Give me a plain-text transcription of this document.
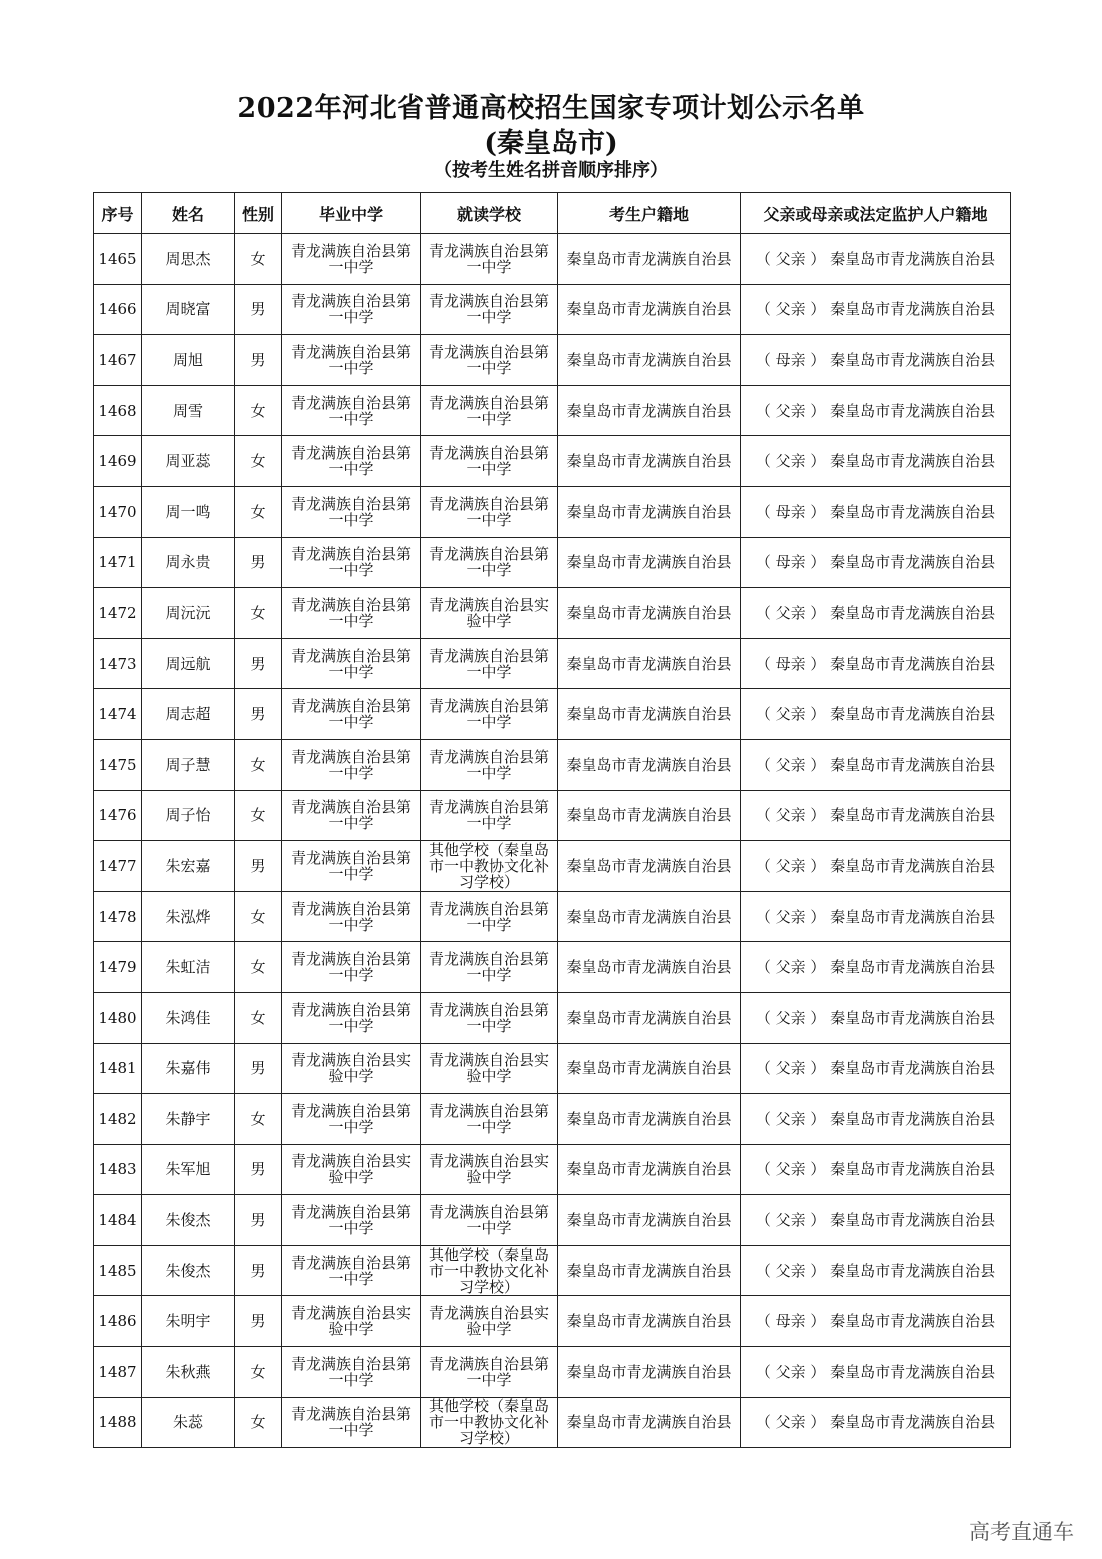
2022年河北省普通高校招生国家专项计划公示名单
(秦皇岛市)
（按考生姓名拼音顺序排序）
序号	姓名	性别	毕业中学	就读学校	考生户籍地	父亲或母亲或法定监护人户籍地
1465	周思杰	女	青龙满族自治县第一中学	青龙满族自治县第一中学	秦皇岛市青龙满族自治县	（ 父亲 ） 秦皇岛市青龙满族自治县
1466	周晓富	男	青龙满族自治县第一中学	青龙满族自治县第一中学	秦皇岛市青龙满族自治县	（ 父亲 ） 秦皇岛市青龙满族自治县
1467	周旭	男	青龙满族自治县第一中学	青龙满族自治县第一中学	秦皇岛市青龙满族自治县	（ 母亲 ） 秦皇岛市青龙满族自治县
1468	周雪	女	青龙满族自治县第一中学	青龙满族自治县第一中学	秦皇岛市青龙满族自治县	（ 父亲 ） 秦皇岛市青龙满族自治县
1469	周亚蕊	女	青龙满族自治县第一中学	青龙满族自治县第一中学	秦皇岛市青龙满族自治县	（ 父亲 ） 秦皇岛市青龙满族自治县
1470	周一鸣	女	青龙满族自治县第一中学	青龙满族自治县第一中学	秦皇岛市青龙满族自治县	（ 母亲 ） 秦皇岛市青龙满族自治县
1471	周永贵	男	青龙满族自治县第一中学	青龙满族自治县第一中学	秦皇岛市青龙满族自治县	（ 母亲 ） 秦皇岛市青龙满族自治县
1472	周沅沅	女	青龙满族自治县第一中学	青龙满族自治县实验中学	秦皇岛市青龙满族自治县	（ 父亲 ） 秦皇岛市青龙满族自治县
1473	周远航	男	青龙满族自治县第一中学	青龙满族自治县第一中学	秦皇岛市青龙满族自治县	（ 母亲 ） 秦皇岛市青龙满族自治县
1474	周志超	男	青龙满族自治县第一中学	青龙满族自治县第一中学	秦皇岛市青龙满族自治县	（ 父亲 ） 秦皇岛市青龙满族自治县
1475	周子慧	女	青龙满族自治县第一中学	青龙满族自治县第一中学	秦皇岛市青龙满族自治县	（ 父亲 ） 秦皇岛市青龙满族自治县
1476	周子怡	女	青龙满族自治县第一中学	青龙满族自治县第一中学	秦皇岛市青龙满族自治县	（ 父亲 ） 秦皇岛市青龙满族自治县
1477	朱宏嘉	男	青龙满族自治县第一中学	其他学校（秦皇岛市一中教协文化补习学校）	秦皇岛市青龙满族自治县	（ 父亲 ） 秦皇岛市青龙满族自治县
1478	朱泓烨	女	青龙满族自治县第一中学	青龙满族自治县第一中学	秦皇岛市青龙满族自治县	（ 父亲 ） 秦皇岛市青龙满族自治县
1479	朱虹洁	女	青龙满族自治县第一中学	青龙满族自治县第一中学	秦皇岛市青龙满族自治县	（ 父亲 ） 秦皇岛市青龙满族自治县
1480	朱鸿佳	女	青龙满族自治县第一中学	青龙满族自治县第一中学	秦皇岛市青龙满族自治县	（ 父亲 ） 秦皇岛市青龙满族自治县
1481	朱嘉伟	男	青龙满族自治县实验中学	青龙满族自治县实验中学	秦皇岛市青龙满族自治县	（ 父亲 ） 秦皇岛市青龙满族自治县
1482	朱静宇	女	青龙满族自治县第一中学	青龙满族自治县第一中学	秦皇岛市青龙满族自治县	（ 父亲 ） 秦皇岛市青龙满族自治县
1483	朱军旭	男	青龙满族自治县实验中学	青龙满族自治县实验中学	秦皇岛市青龙满族自治县	（ 父亲 ） 秦皇岛市青龙满族自治县
1484	朱俊杰	男	青龙满族自治县第一中学	青龙满族自治县第一中学	秦皇岛市青龙满族自治县	（ 父亲 ） 秦皇岛市青龙满族自治县
1485	朱俊杰	男	青龙满族自治县第一中学	其他学校（秦皇岛市一中教协文化补习学校）	秦皇岛市青龙满族自治县	（ 父亲 ） 秦皇岛市青龙满族自治县
1486	朱明宇	男	青龙满族自治县实验中学	青龙满族自治县实验中学	秦皇岛市青龙满族自治县	（ 母亲 ） 秦皇岛市青龙满族自治县
1487	朱秋燕	女	青龙满族自治县第一中学	青龙满族自治县第一中学	秦皇岛市青龙满族自治县	（ 父亲 ） 秦皇岛市青龙满族自治县
1488	朱蕊	女	青龙满族自治县第一中学	其他学校（秦皇岛市一中教协文化补习学校）	秦皇岛市青龙满族自治县	（ 父亲 ） 秦皇岛市青龙满族自治县
高考直通车
